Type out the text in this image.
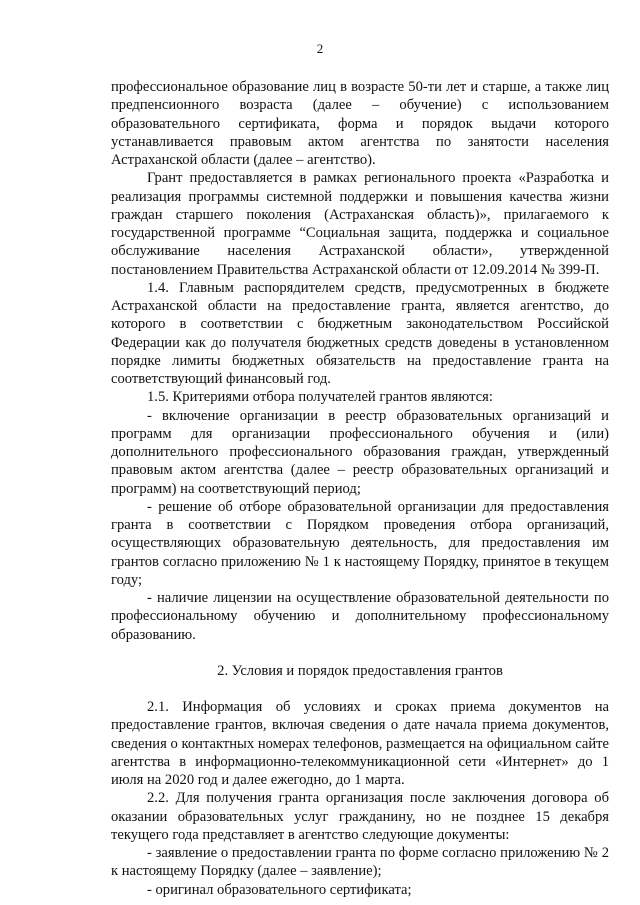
2

профессиональное образование лиц в возрасте 50-ти лет и старше, а также лиц предпенсионного возраста (далее – обучение) с использованием образовательного сертификата, форма и порядок выдачи которого устанавливается правовым актом агентства по занятости населения Астраханской области (далее – агентство).

Грант предоставляется в рамках регионального проекта «Разработка и реализация программы системной поддержки и повышения качества жизни граждан старшего поколения (Астраханская область)», прилагаемого к государственной программе “Социальная защита, поддержка и социальное обслуживание населения Астраханской области», утвержденной постановлением Правительства Астраханской области от 12.09.2014 № 399-П.

1.4. Главным распорядителем средств, предусмотренных в бюджете Астраханской области на предоставление гранта, является агентство, до которого в соответствии с бюджетным законодательством Российской Федерации как до получателя бюджетных средств доведены в установленном порядке лимиты бюджетных обязательств на предоставление гранта на соответствующий финансовый год.

1.5. Критериями отбора получателей грантов являются:

- включение организации в реестр образовательных организаций и программ для организации профессионального обучения и (или) дополнительного профессионального образования граждан, утвержденный правовым актом агентства (далее – реестр образовательных организаций и программ) на соответствующий период;

- решение об отборе образовательной организации для предоставления гранта в соответствии с Порядком проведения отбора организаций, осуществляющих образовательную деятельность, для предоставления им грантов согласно приложению № 1 к настоящему Порядку, принятое в текущем году;

- наличие лицензии на осуществление образовательной деятельности по профессиональному обучению и дополнительному профессиональному образованию.

2. Условия и порядок предоставления грантов

2.1. Информация об условиях и сроках приема документов на предоставление грантов, включая сведения о дате начала приема документов, сведения о контактных номерах телефонов, размещается на официальном сайте агентства в информационно-телекоммуникационной сети «Интернет» до 1 июля на 2020 год и далее ежегодно, до 1 марта.

2.2. Для получения гранта организация после заключения договора об оказании образовательных услуг гражданину, но не позднее 15 декабря текущего года представляет в агентство следующие документы:

- заявление о предоставлении гранта по форме согласно приложению № 2 к настоящему Порядку (далее – заявление);

- оригинал образовательного сертификата;
